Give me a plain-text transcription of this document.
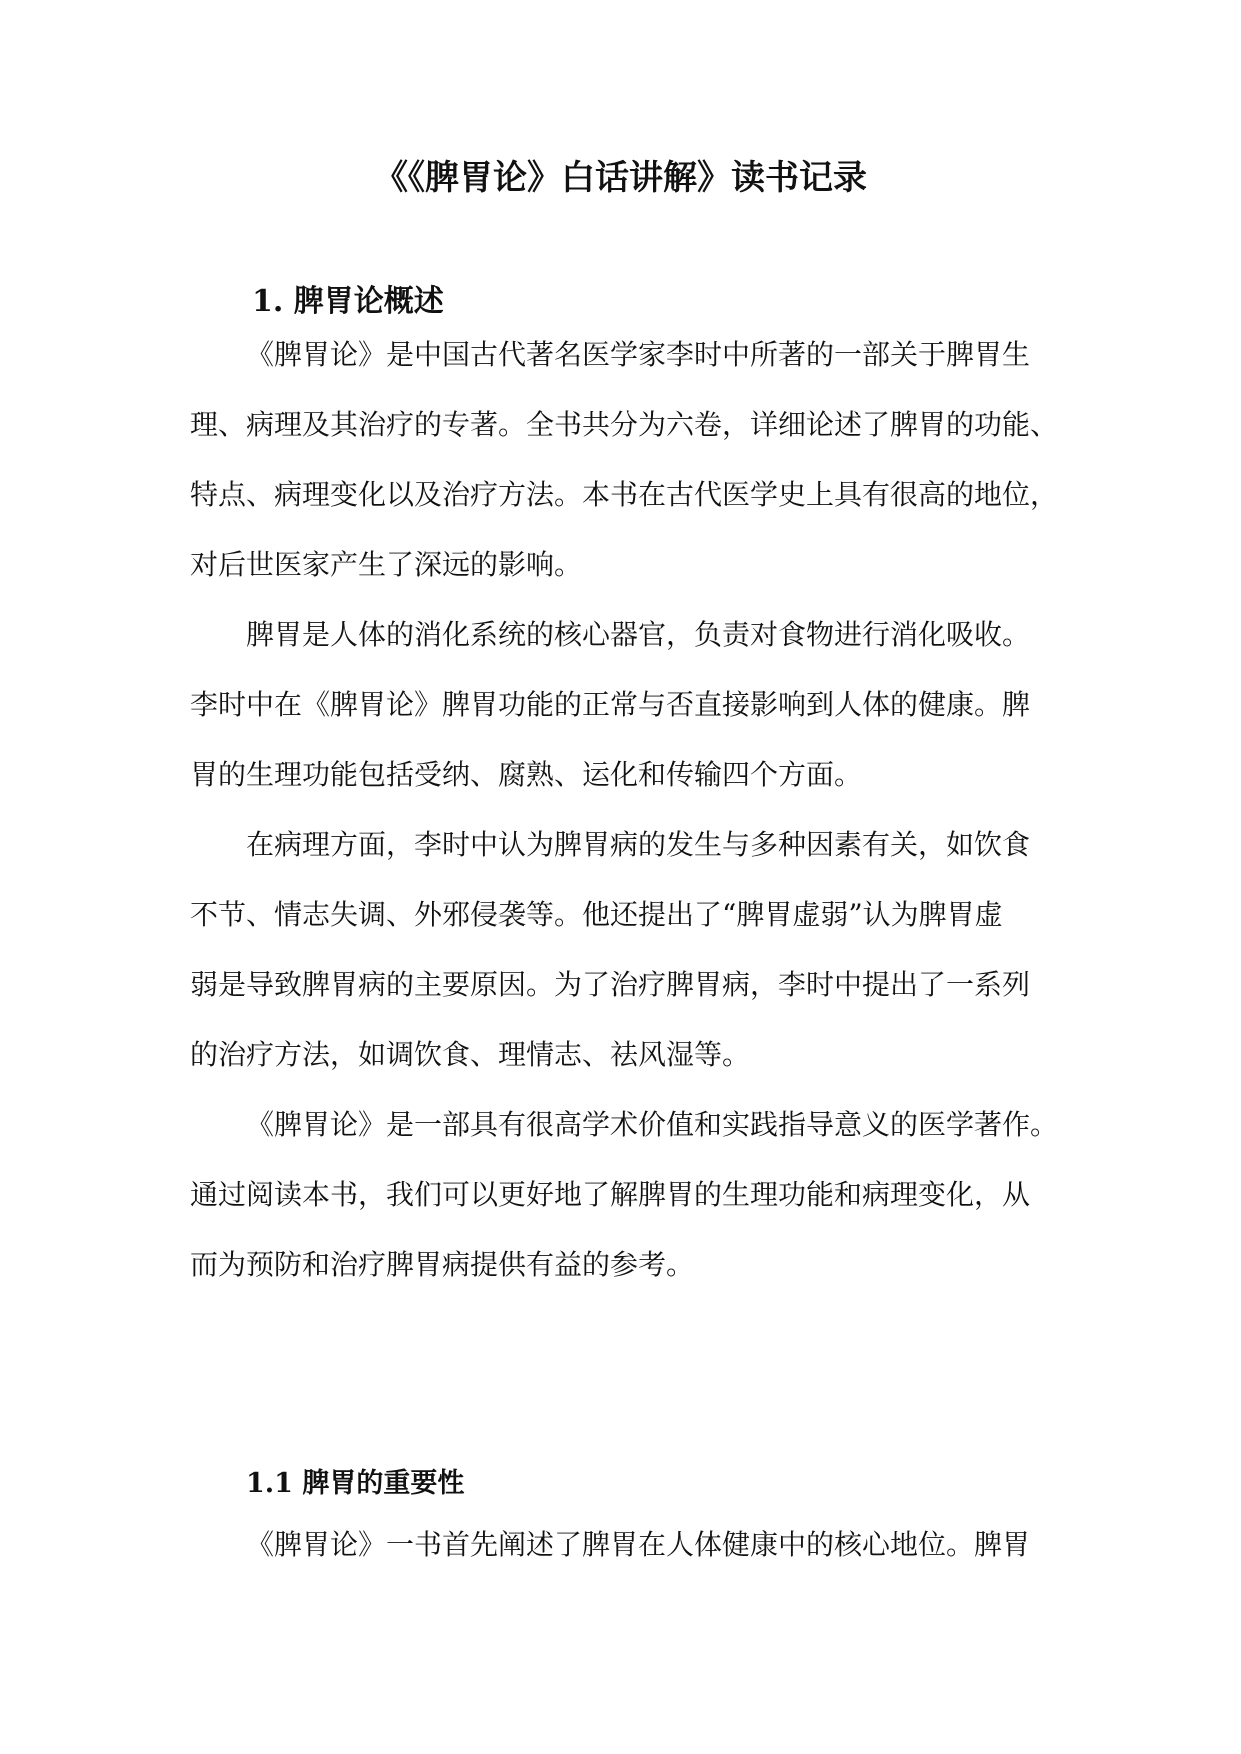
《《脾胃论》白话讲解》读书记录
1. 脾胃论概述
《脾胃论》是中国古代著名医学家李时中所著的一部关于脾胃生
理、病理及其治疗的专著。全书共分为六卷，详细论述了脾胃的功能、
特点、病理变化以及治疗方法。本书在古代医学史上具有很高的地位，
对后世医家产生了深远的影响。
脾胃是人体的消化系统的核心器官，负责对食物进行消化吸收。
李时中在《脾胃论》脾胃功能的正常与否直接影响到人体的健康。脾
胃的生理功能包括受纳、腐熟、运化和传输四个方面。
在病理方面，李时中认为脾胃病的发生与多种因素有关，如饮食
不节、情志失调、外邪侵袭等。他还提出了“脾胃虚弱”认为脾胃虚
弱是导致脾胃病的主要原因。为了治疗脾胃病，李时中提出了一系列
的治疗方法，如调饮食、理情志、祛风湿等。
《脾胃论》是一部具有很高学术价值和实践指导意义的医学著作。
通过阅读本书，我们可以更好地了解脾胃的生理功能和病理变化，从
而为预防和治疗脾胃病提供有益的参考。
1.1 脾胃的重要性
《脾胃论》一书首先阐述了脾胃在人体健康中的核心地位。脾胃
